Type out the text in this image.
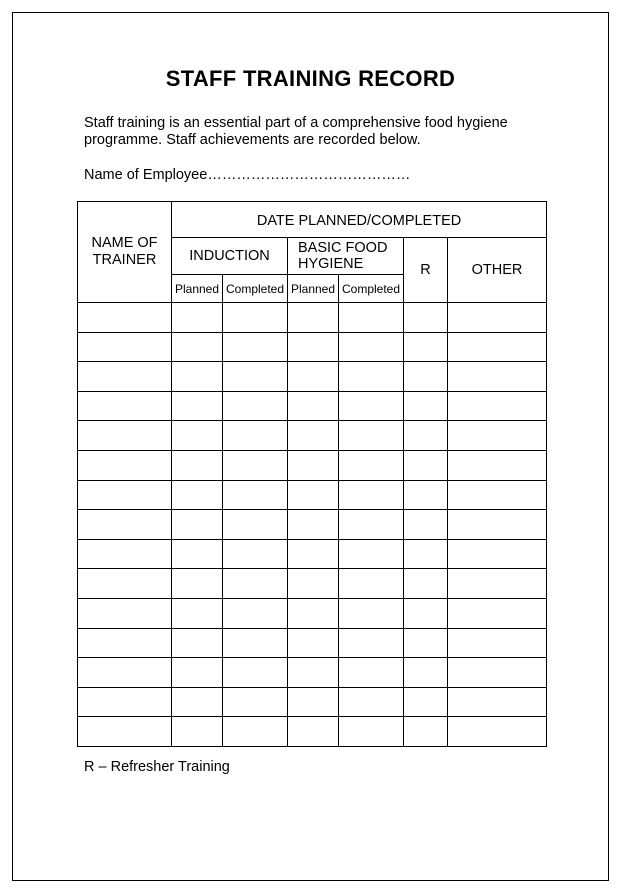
STAFF TRAINING RECORD
Staff training is an essential part of a comprehensive food hygiene programme. Staff achievements are recorded below.
Name of Employee……………………………………
NAME OF TRAINER	DATE PLANNED/COMPLETED					

	INDUCTION		BASIC FOOD HYGIENE		R	OTHER
	Planned	Completed	Planned	Completed		

R – Refresher Training
